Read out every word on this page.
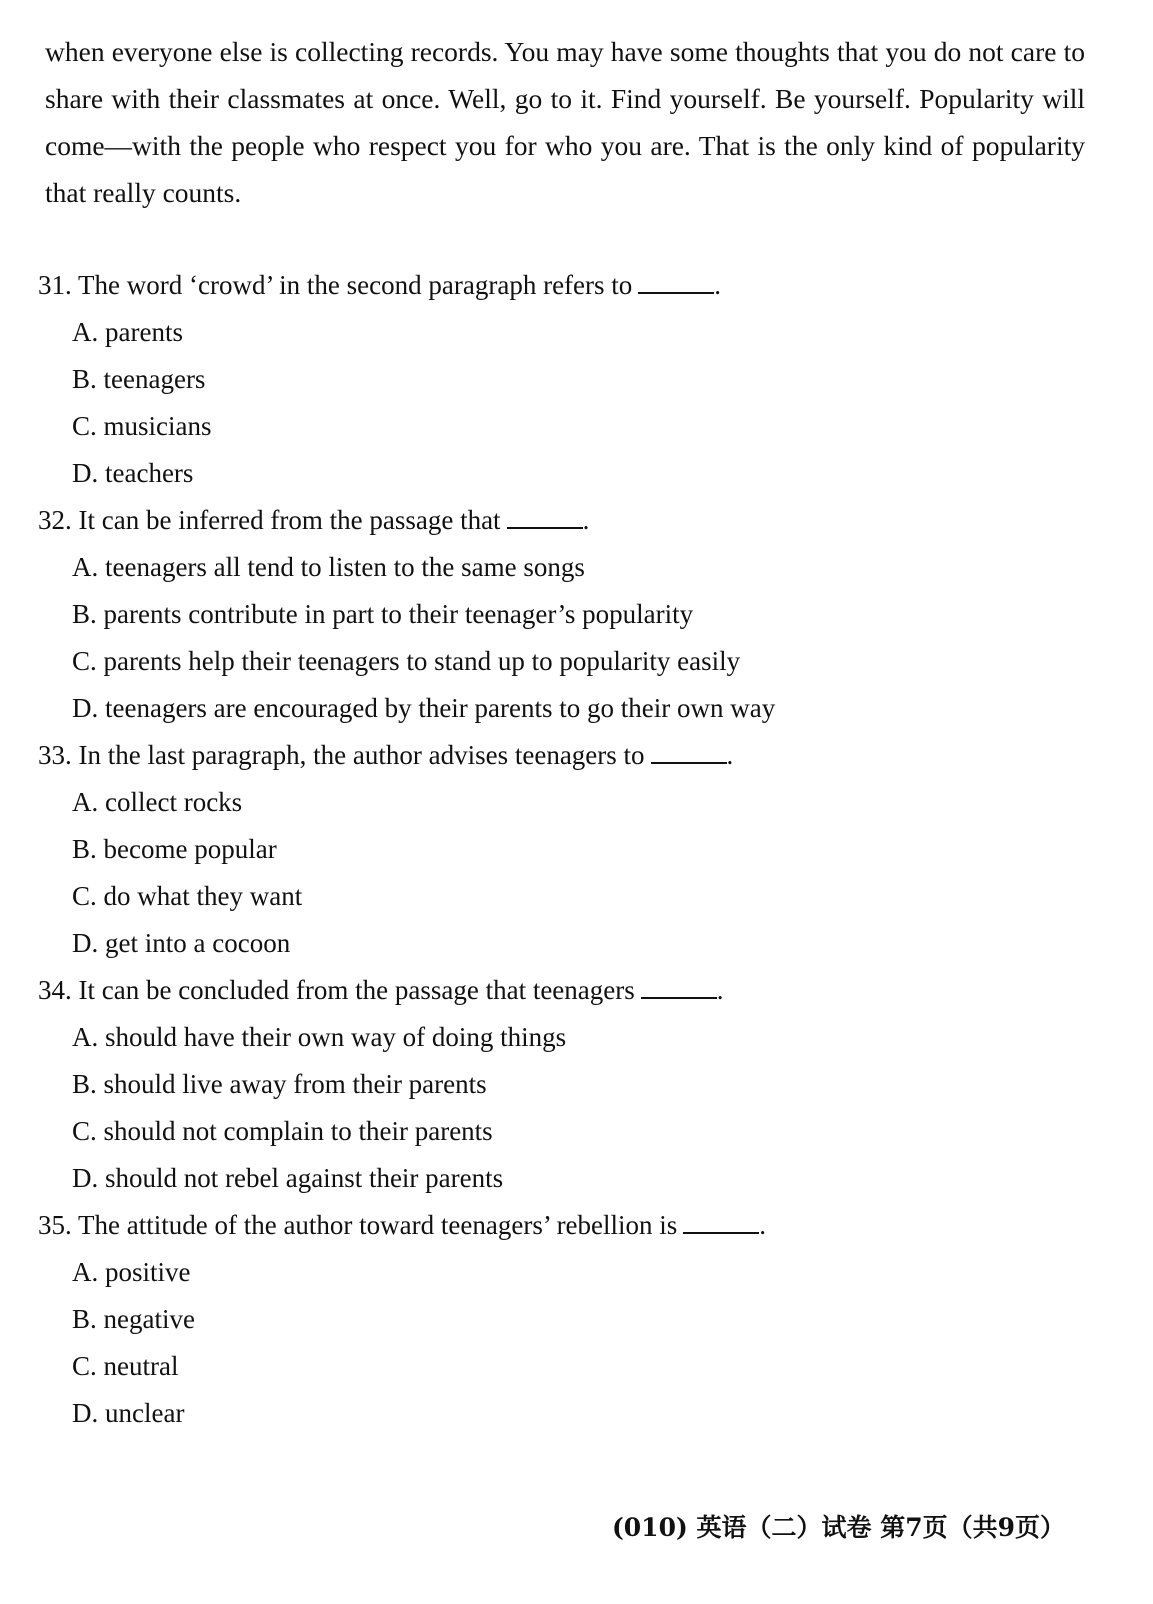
when everyone else is collecting records. You may have some thoughts that you do not care to share with their classmates at once. Well, go to it. Find yourself. Be yourself. Popularity will come—with the people who respect you for who you are. That is the only kind of popularity that really counts.
31. The word ‘crowd’ in the second paragraph refers to	.
A. parents
B. teenagers
C. musicians
D. teachers
32. It can be inferred from the passage that	.
A. teenagers all tend to listen to the same songs
B. parents contribute in part to their teenager’s popularity
C. parents help their teenagers to stand up to popularity easily
D. teenagers are encouraged by their parents to go their own way
33. In the last paragraph, the author advises teenagers to	.
A. collect rocks
B. become popular
C. do what they want
D. get into a cocoon
34. It can be concluded from the passage that teenagers	.
A. should have their own way of doing things
B. should live away from their parents
C. should not complain to their parents
D. should not rebel against their parents
35. The attitude of the author toward teenagers’ rebellion is	.
A. positive
B. negative
C. neutral
D. unclear
(010) 英语（二）试卷 第7页（共9页）
